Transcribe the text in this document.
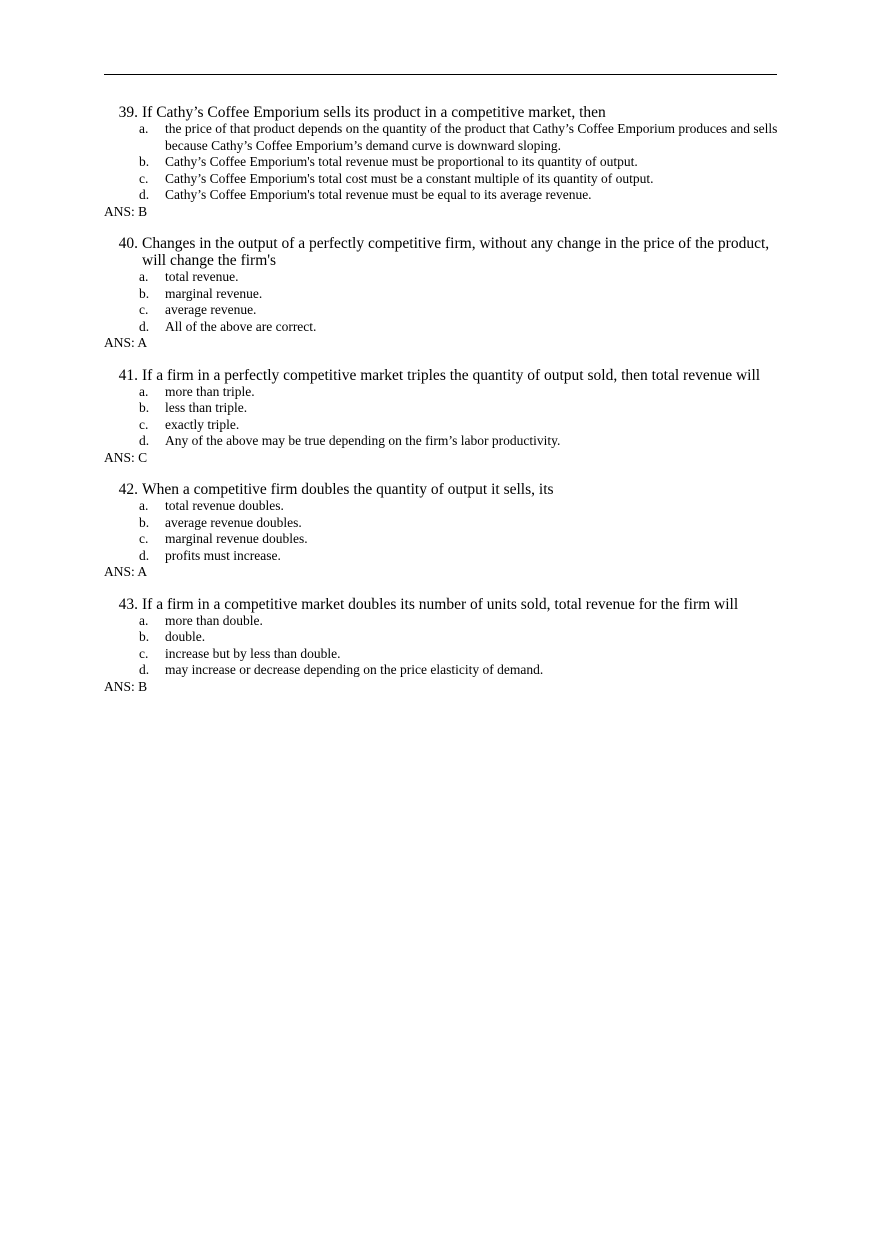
39. If Cathy’s Coffee Emporium sells its product in a competitive market, then
a.	the price of that product depends on the quantity of the product that Cathy’s Coffee Emporium produces and sells because Cathy’s Coffee Emporium’s demand curve is downward sloping.
b.	Cathy’s Coffee Emporium's total revenue must be proportional to its quantity of output.
c.	Cathy’s Coffee Emporium's total cost must be a constant multiple of its quantity of output.
d.	Cathy’s Coffee Emporium's total revenue must be equal to its average revenue.
ANS: B
40. Changes in the output of a perfectly competitive firm, without any change in the price of the product, will change the firm's
a.	total revenue.
b.	marginal revenue.
c.	average revenue.
d.	All of the above are correct.
ANS: A
41. If a firm in a perfectly competitive market triples the quantity of output sold, then total revenue will
a.	more than triple.
b.	less than triple.
c.	exactly triple.
d.	Any of the above may be true depending on the firm’s labor productivity.
ANS: C
42. When a competitive firm doubles the quantity of output it sells, its
a.	total revenue doubles.
b.	average revenue doubles.
c.	marginal revenue doubles.
d.	profits must increase.
ANS: A
43. If a firm in a competitive market doubles its number of units sold, total revenue for the firm will
a.	more than double.
b.	double.
c.	increase but by less than double.
d.	may increase or decrease depending on the price elasticity of demand.
ANS: B
